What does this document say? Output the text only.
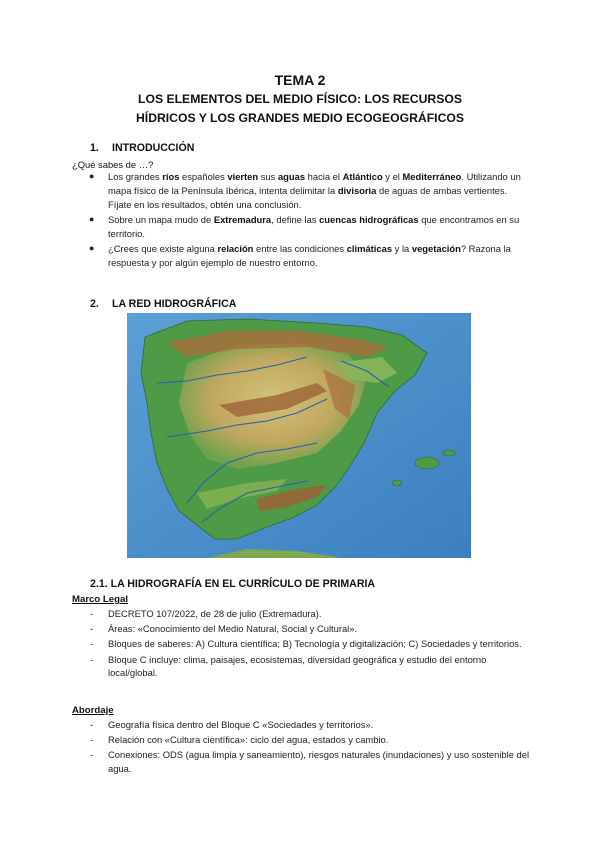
TEMA 2
LOS ELEMENTOS DEL MEDIO FÍSICO: LOS RECURSOS
HÍDRICOS Y LOS GRANDES MEDIO ECOGEOGRÁFICOS
1. INTRODUCCIÓN
¿Qué sabes de …?
● Los grandes ríos españoles vierten sus aguas hacia el Atlántico y el Mediterráneo. Utilizando un mapa físico de la Península Ibérica, intenta delimitar la divisoria de aguas de ambas vertientes. Fíjate en los resultados, obtén una conclusión.
● Sobre un mapa mudo de Extremadura, define las cuencas hidrográficas que encontramos en su territorio.
● ¿Crees que existe alguna relación entre las condiciones climáticas y la vegetación? Razona la respuesta y por algún ejemplo de nuestro entorno.
2. LA RED HIDROGRÁFICA
2.1. LA HIDROGRAFÍA EN EL CURRÍCULO DE PRIMARIA
Marco Legal
- DECRETO 107/2022, de 28 de julio (Extremadura).
- Áreas: «Conocimiento del Medio Natural, Social y Cultural».
- Bloques de saberes: A) Cultura científica; B) Tecnología y digitalización; C) Sociedades y territorios.
- Bloque C incluye: clima, paisajes, ecosistemas, diversidad geográfica y estudio del entorno local/global.
Abordaje
- Geografía física dentro del Bloque C «Sociedades y territorios».
- Relación con «Cultura científica»: ciclo del agua, estados y cambio.
- Conexiones: ODS (agua limpia y saneamiento), riesgos naturales (inundaciones) y uso sostenible del agua.
